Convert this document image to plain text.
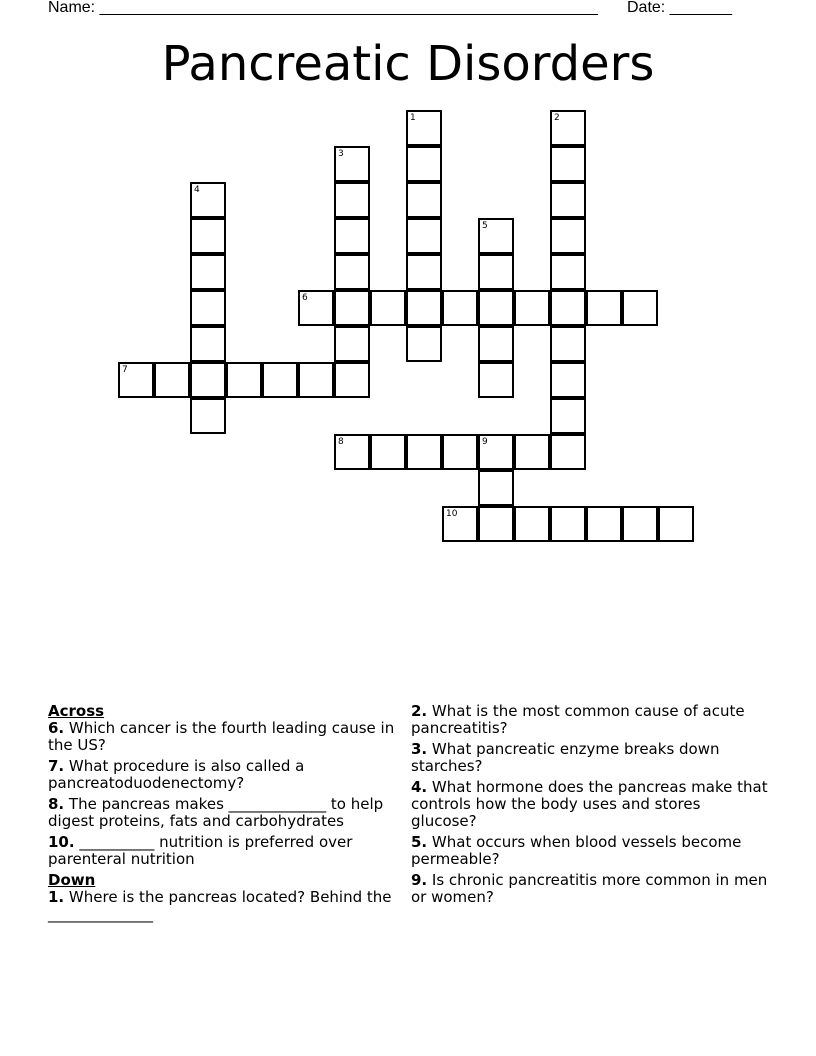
Name: ________________________________________________________ Date: _______
Pancreatic Disorders
1	2
3
4
5
6
7
8	9
10
Across
6. Which cancer is the fourth leading cause in the US?
7. What procedure is also called a pancreatoduodenectomy?
8. The pancreas makes _____________ to help digest proteins, fats and carbohydrates
10. __________ nutrition is preferred over parenteral nutrition
Down
1. Where is the pancreas located? Behind the ______________
2. What is the most common cause of acute pancreatitis?
3. What pancreatic enzyme breaks down starches?
4. What hormone does the pancreas make that controls how the body uses and stores glucose?
5. What occurs when blood vessels become permeable?
9. Is chronic pancreatitis more common in men or women?
